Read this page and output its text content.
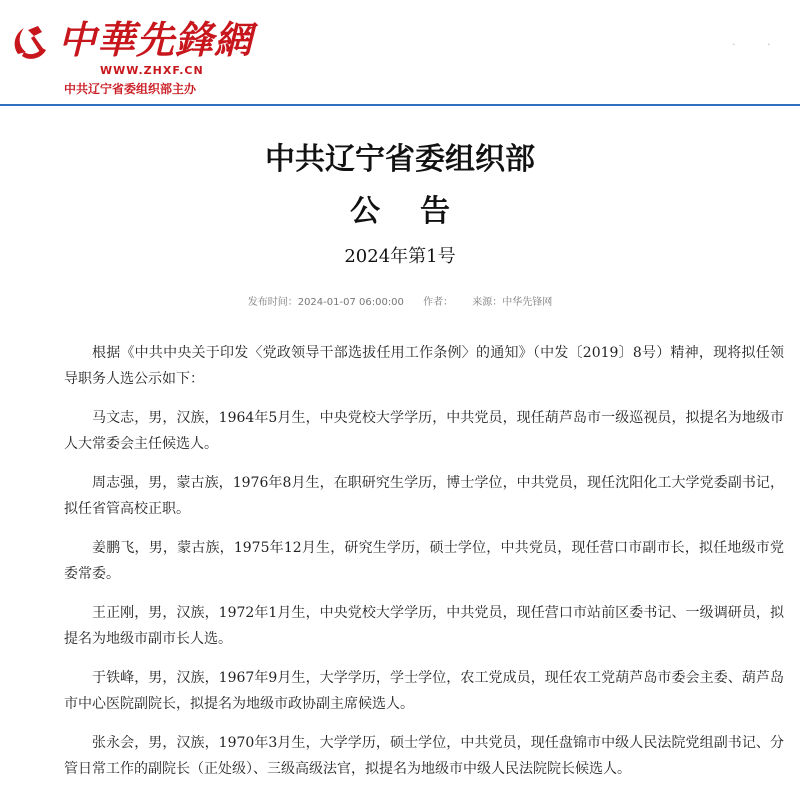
中華先鋒網
WWW.ZHXF.CN
中共辽宁省委组织部主办
· ·
中共辽宁省委组织部
公告
2024年第1号
发布时间：2024-01-07 06:00:00 作者： 来源：中华先锋网

根据《中共中央关于印发〈党政领导干部选拔任用工作条例〉的通知》（中发〔2019〕8号）精神，现将拟任领导职务人选公示如下：

马文志，男，汉族，1964年5月生，中央党校大学学历，中共党员，现任葫芦岛市一级巡视员，拟提名为地级市人大常委会主任候选人。

周志强，男，蒙古族，1976年8月生，在职研究生学历，博士学位，中共党员，现任沈阳化工大学党委副书记，拟任省管高校正职。

姜鹏飞，男，蒙古族，1975年12月生，研究生学历，硕士学位，中共党员，现任营口市副市长，拟任地级市党委常委。

王正刚，男，汉族，1972年1月生，中央党校大学学历，中共党员，现任营口市站前区委书记、一级调研员，拟提名为地级市副市长人选。

于铁峰，男，汉族，1967年9月生，大学学历，学士学位，农工党成员，现任农工党葫芦岛市委会主委、葫芦岛市中心医院副院长，拟提名为地级市政协副主席候选人。

张永会，男，汉族，1970年3月生，大学学历，硕士学位，中共党员，现任盘锦市中级人民法院党组副书记、分管日常工作的副院长（正处级）、三级高级法官，拟提名为地级市中级人民法院院长候选人。
